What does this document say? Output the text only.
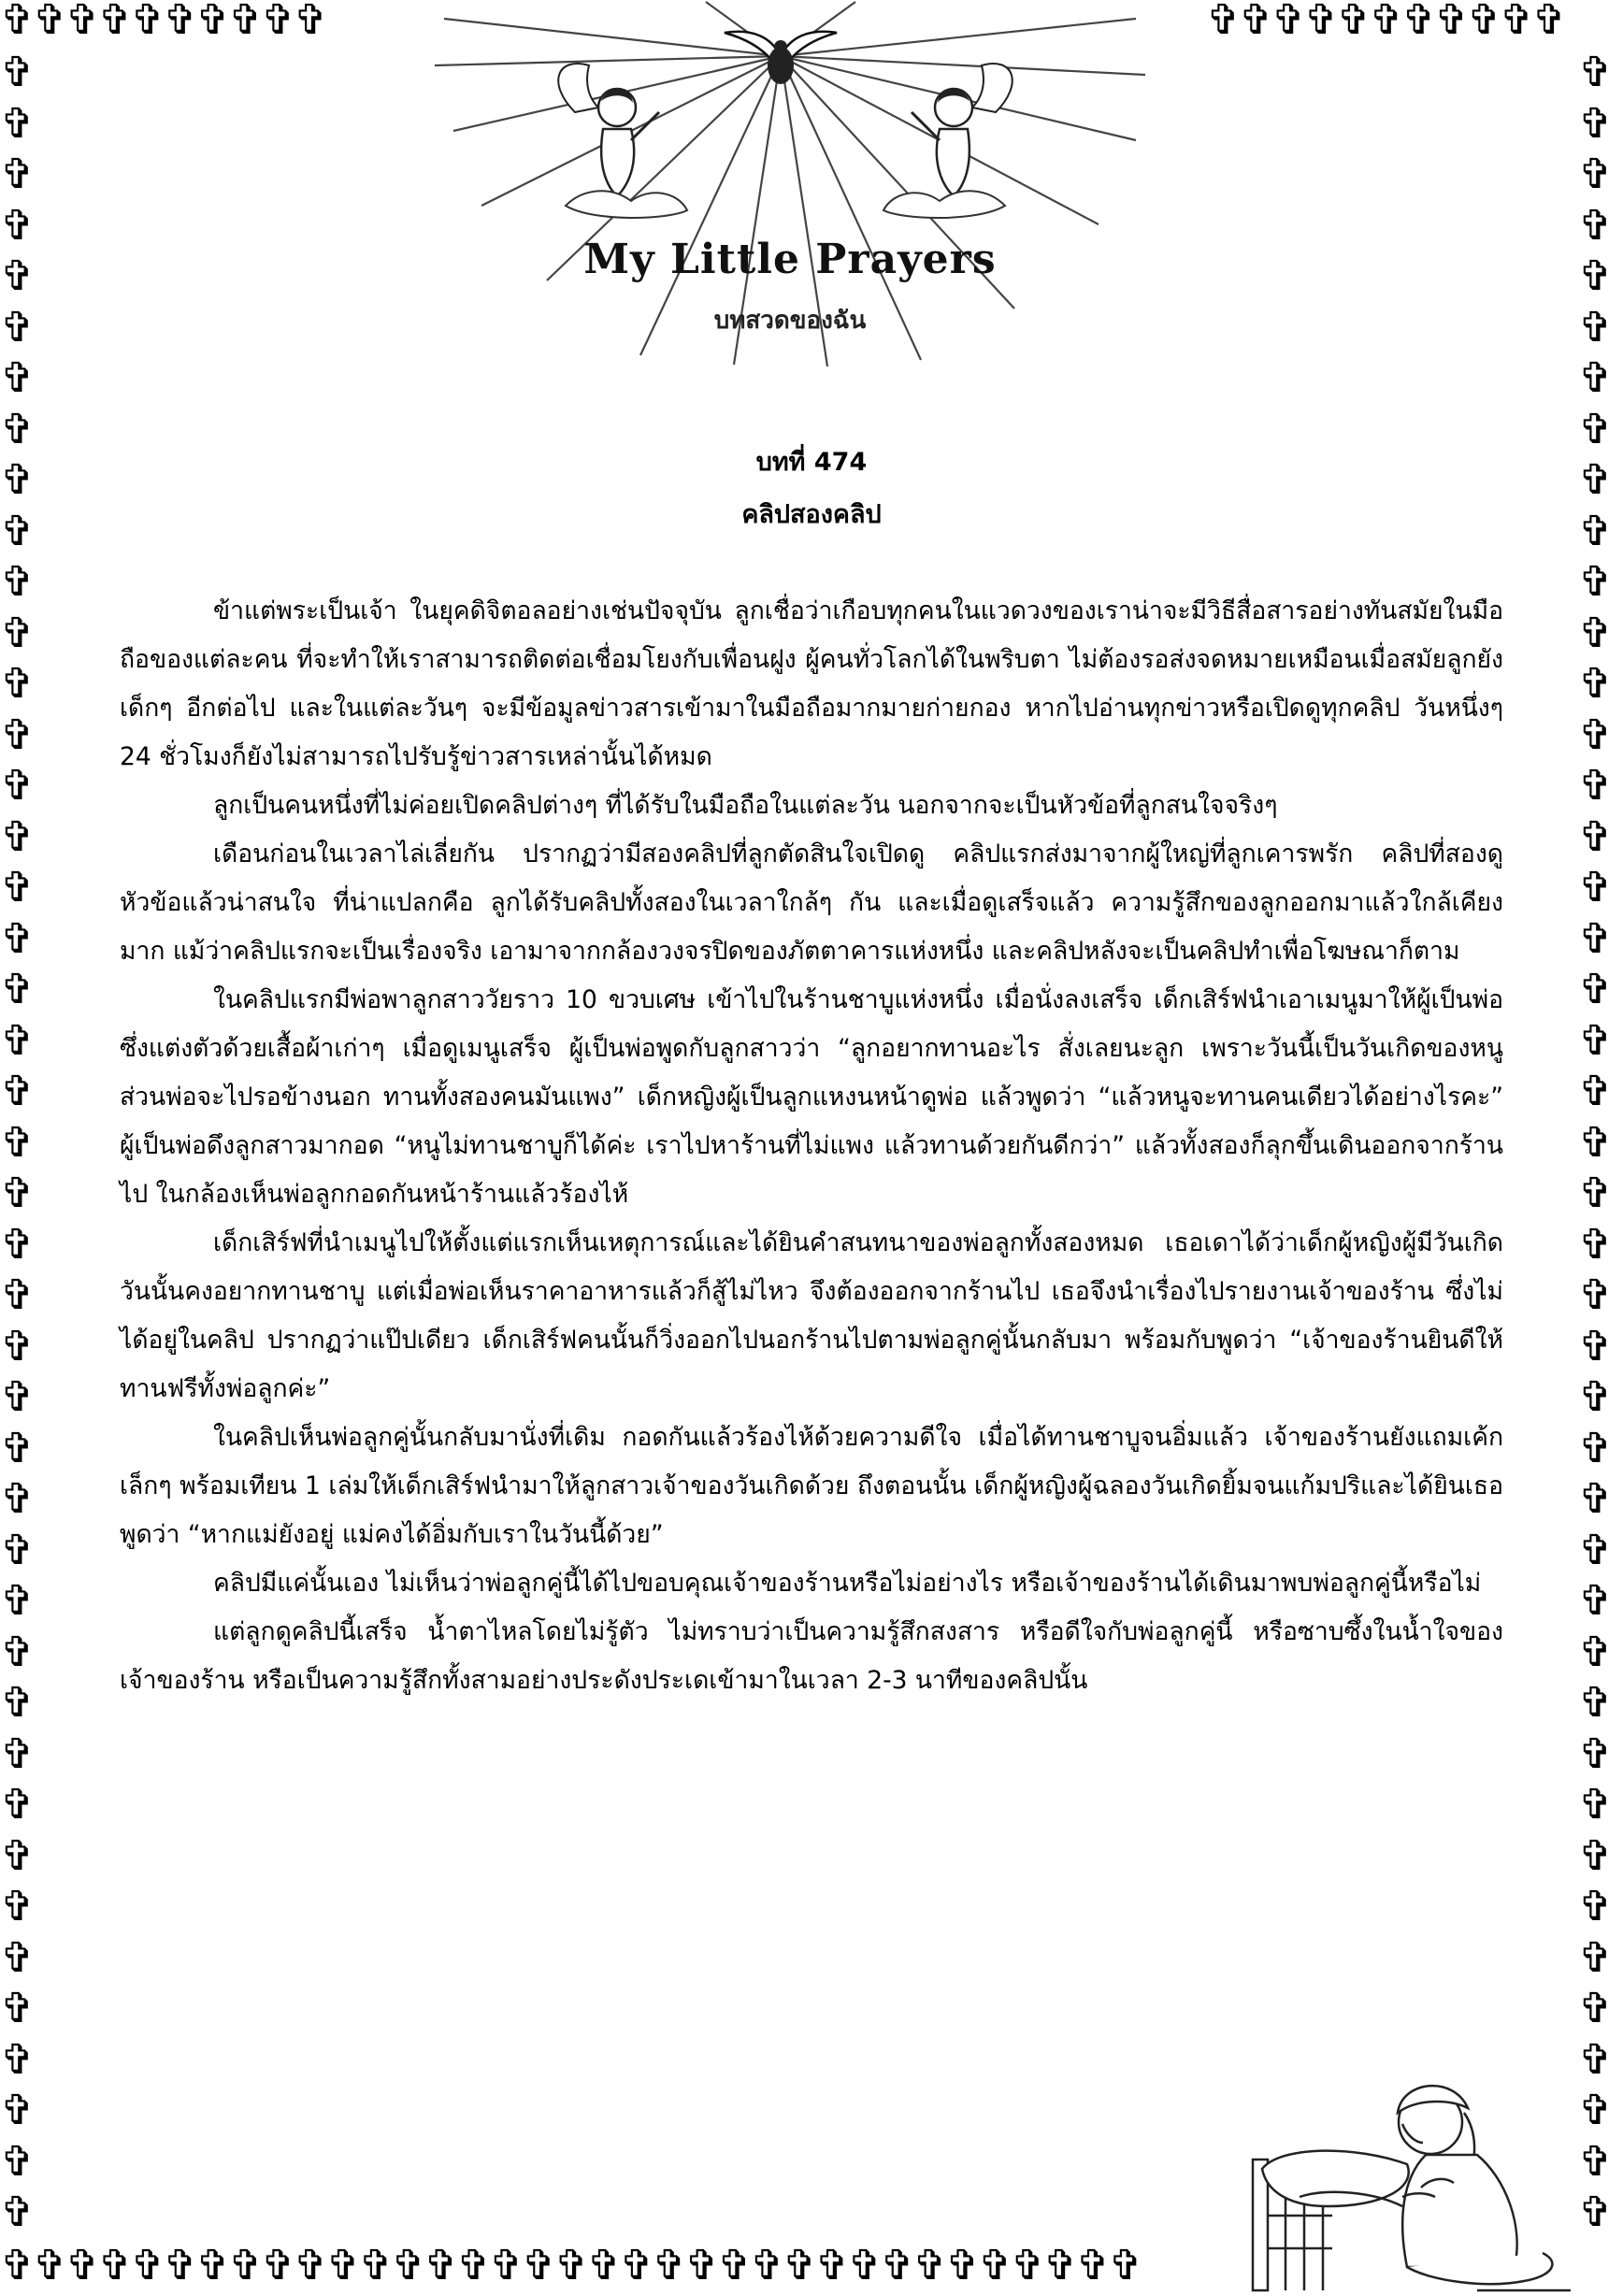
✞✞✞✞✞✞✞✞✞✞	✞✞✞✞✞✞✞✞✞✞✞
✞✞✞✞✞✞✞✞✞✞✞✞✞✞✞✞✞✞✞✞✞✞✞✞✞✞✞✞✞✞✞✞✞✞✞
✞
✞
✞
✞
✞
✞
✞
✞
✞
✞
✞
✞
✞
✞
✞
✞
✞
✞
✞
✞
✞
✞
✞
✞
✞
✞
✞
✞
✞
✞
✞
✞
✞
✞
✞
✞
✞
✞
✞
✞
✞
✞
✞
✞
✞
✞
✞
✞
✞
✞
✞
✞
✞
✞
✞
✞
✞
✞
✞
✞
✞
✞
✞
✞
✞
✞
✞
✞
✞
✞
✞
✞
✞
✞
✞
✞
✞
✞
✞
✞
✞
✞
✞
✞
✞
✞
My Little Prayers
บทสวดของฉัน
บทที่ 474
คลิปสองคลิป

ข้าแต่พระเป็นเจ้า ในยุคดิจิตอลอย่างเช่นปัจจุบัน ลูกเชื่อว่าเกือบทุกคนในแวดวงของเราน่าจะมีวิธีสื่อสารอย่างทันสมัยในมือถือของแต่ละคน ที่จะทำให้เราสามารถติดต่อเชื่อมโยงกับเพื่อนฝูง ผู้คนทั่วโลกได้ในพริบตา ไม่ต้องรอส่งจดหมายเหมือนเมื่อสมัยลูกยังเด็กๆ อีกต่อไป และในแต่ละวันๆ จะมีข้อมูลข่าวสารเข้ามาในมือถือมากมายก่ายกอง หากไปอ่านทุกข่าวหรือเปิดดูทุกคลิป วันหนึ่งๆ 24 ชั่วโมงก็ยังไม่สามารถไปรับรู้ข่าวสารเหล่านั้นได้หมด

ลูกเป็นคนหนึ่งที่ไม่ค่อยเปิดคลิปต่างๆ ที่ได้รับในมือถือในแต่ละวัน นอกจากจะเป็นหัวข้อที่ลูกสนใจจริงๆ

เดือนก่อนในเวลาไล่เลี่ยกัน ปรากฏว่ามีสองคลิปที่ลูกตัดสินใจเปิดดู คลิปแรกส่งมาจากผู้ใหญ่ที่ลูกเคารพรัก คลิปที่สองดูหัวข้อแล้วน่าสนใจ ที่น่าแปลกคือ ลูกได้รับคลิปทั้งสองในเวลาใกล้ๆ กัน และเมื่อดูเสร็จแล้ว ความรู้สึกของลูกออกมาแล้วใกล้เคียงมาก แม้ว่าคลิปแรกจะเป็นเรื่องจริง เอามาจากกล้องวงจรปิดของภัตตาคารแห่งหนึ่ง และคลิปหลังจะเป็นคลิปทำเพื่อโฆษณาก็ตาม

ในคลิปแรกมีพ่อพาลูกสาววัยราว 10 ขวบเศษ เข้าไปในร้านชาบูแห่งหนึ่ง เมื่อนั่งลงเสร็จ เด็กเสิร์ฟนำเอาเมนูมาให้ผู้เป็นพ่อ ซึ่งแต่งตัวด้วยเสื้อผ้าเก่าๆ เมื่อดูเมนูเสร็จ ผู้เป็นพ่อพูดกับลูกสาวว่า “ลูกอยากทานอะไร สั่งเลยนะลูก เพราะวันนี้เป็นวันเกิดของหนู ส่วนพ่อจะไปรอข้างนอก ทานทั้งสองคนมันแพง” เด็กหญิงผู้เป็นลูกแหงนหน้าดูพ่อ แล้วพูดว่า “แล้วหนูจะทานคนเดียวได้อย่างไรคะ” ผู้เป็นพ่อดึงลูกสาวมากอด “หนูไม่ทานชาบูก็ได้ค่ะ เราไปหาร้านที่ไม่แพง แล้วทานด้วยกันดีกว่า” แล้วทั้งสองก็ลุกขึ้นเดินออกจากร้านไป ในกล้องเห็นพ่อลูกกอดกันหน้าร้านแล้วร้องไห้

เด็กเสิร์ฟที่นำเมนูไปให้ตั้งแต่แรกเห็นเหตุการณ์และได้ยินคำสนทนาของพ่อลูกทั้งสองหมด เธอเดาได้ว่าเด็กผู้หญิงผู้มีวันเกิดวันนั้นคงอยากทานชาบู แต่เมื่อพ่อเห็นราคาอาหารแล้วก็สู้ไม่ไหว จึงต้องออกจากร้านไป เธอจึงนำเรื่องไปรายงานเจ้าของร้าน ซึ่งไม่ได้อยู่ในคลิป ปรากฏว่าแป๊ปเดียว เด็กเสิร์ฟคนนั้นก็วิ่งออกไปนอกร้านไปตามพ่อลูกคู่นั้นกลับมา พร้อมกับพูดว่า “เจ้าของร้านยินดีให้ทานฟรีทั้งพ่อลูกค่ะ”

ในคลิปเห็นพ่อลูกคู่นั้นกลับมานั่งที่เดิม กอดกันแล้วร้องไห้ด้วยความดีใจ เมื่อได้ทานชาบูจนอิ่มแล้ว เจ้าของร้านยังแถมเค้กเล็กๆ พร้อมเทียน 1 เล่มให้เด็กเสิร์ฟนำมาให้ลูกสาวเจ้าของวันเกิดด้วย ถึงตอนนั้น เด็กผู้หญิงผู้ฉลองวันเกิดยิ้มจนแก้มปริและได้ยินเธอพูดว่า “หากแม่ยังอยู่ แม่คงได้อิ่มกับเราในวันนี้ด้วย”

คลิปมีแค่นั้นเอง ไม่เห็นว่าพ่อลูกคู่นี้ได้ไปขอบคุณเจ้าของร้านหรือไม่อย่างไร หรือเจ้าของร้านได้เดินมาพบพ่อลูกคู่นี้หรือไม่

แต่ลูกดูคลิปนี้เสร็จ น้ำตาไหลโดยไม่รู้ตัว ไม่ทราบว่าเป็นความรู้สึกสงสาร หรือดีใจกับพ่อลูกคู่นี้ หรือซาบซึ้งในน้ำใจของเจ้าของร้าน หรือเป็นความรู้สึกทั้งสามอย่างประดังประเดเข้ามาในเวลา 2-3 นาทีของคลิปนั้น
